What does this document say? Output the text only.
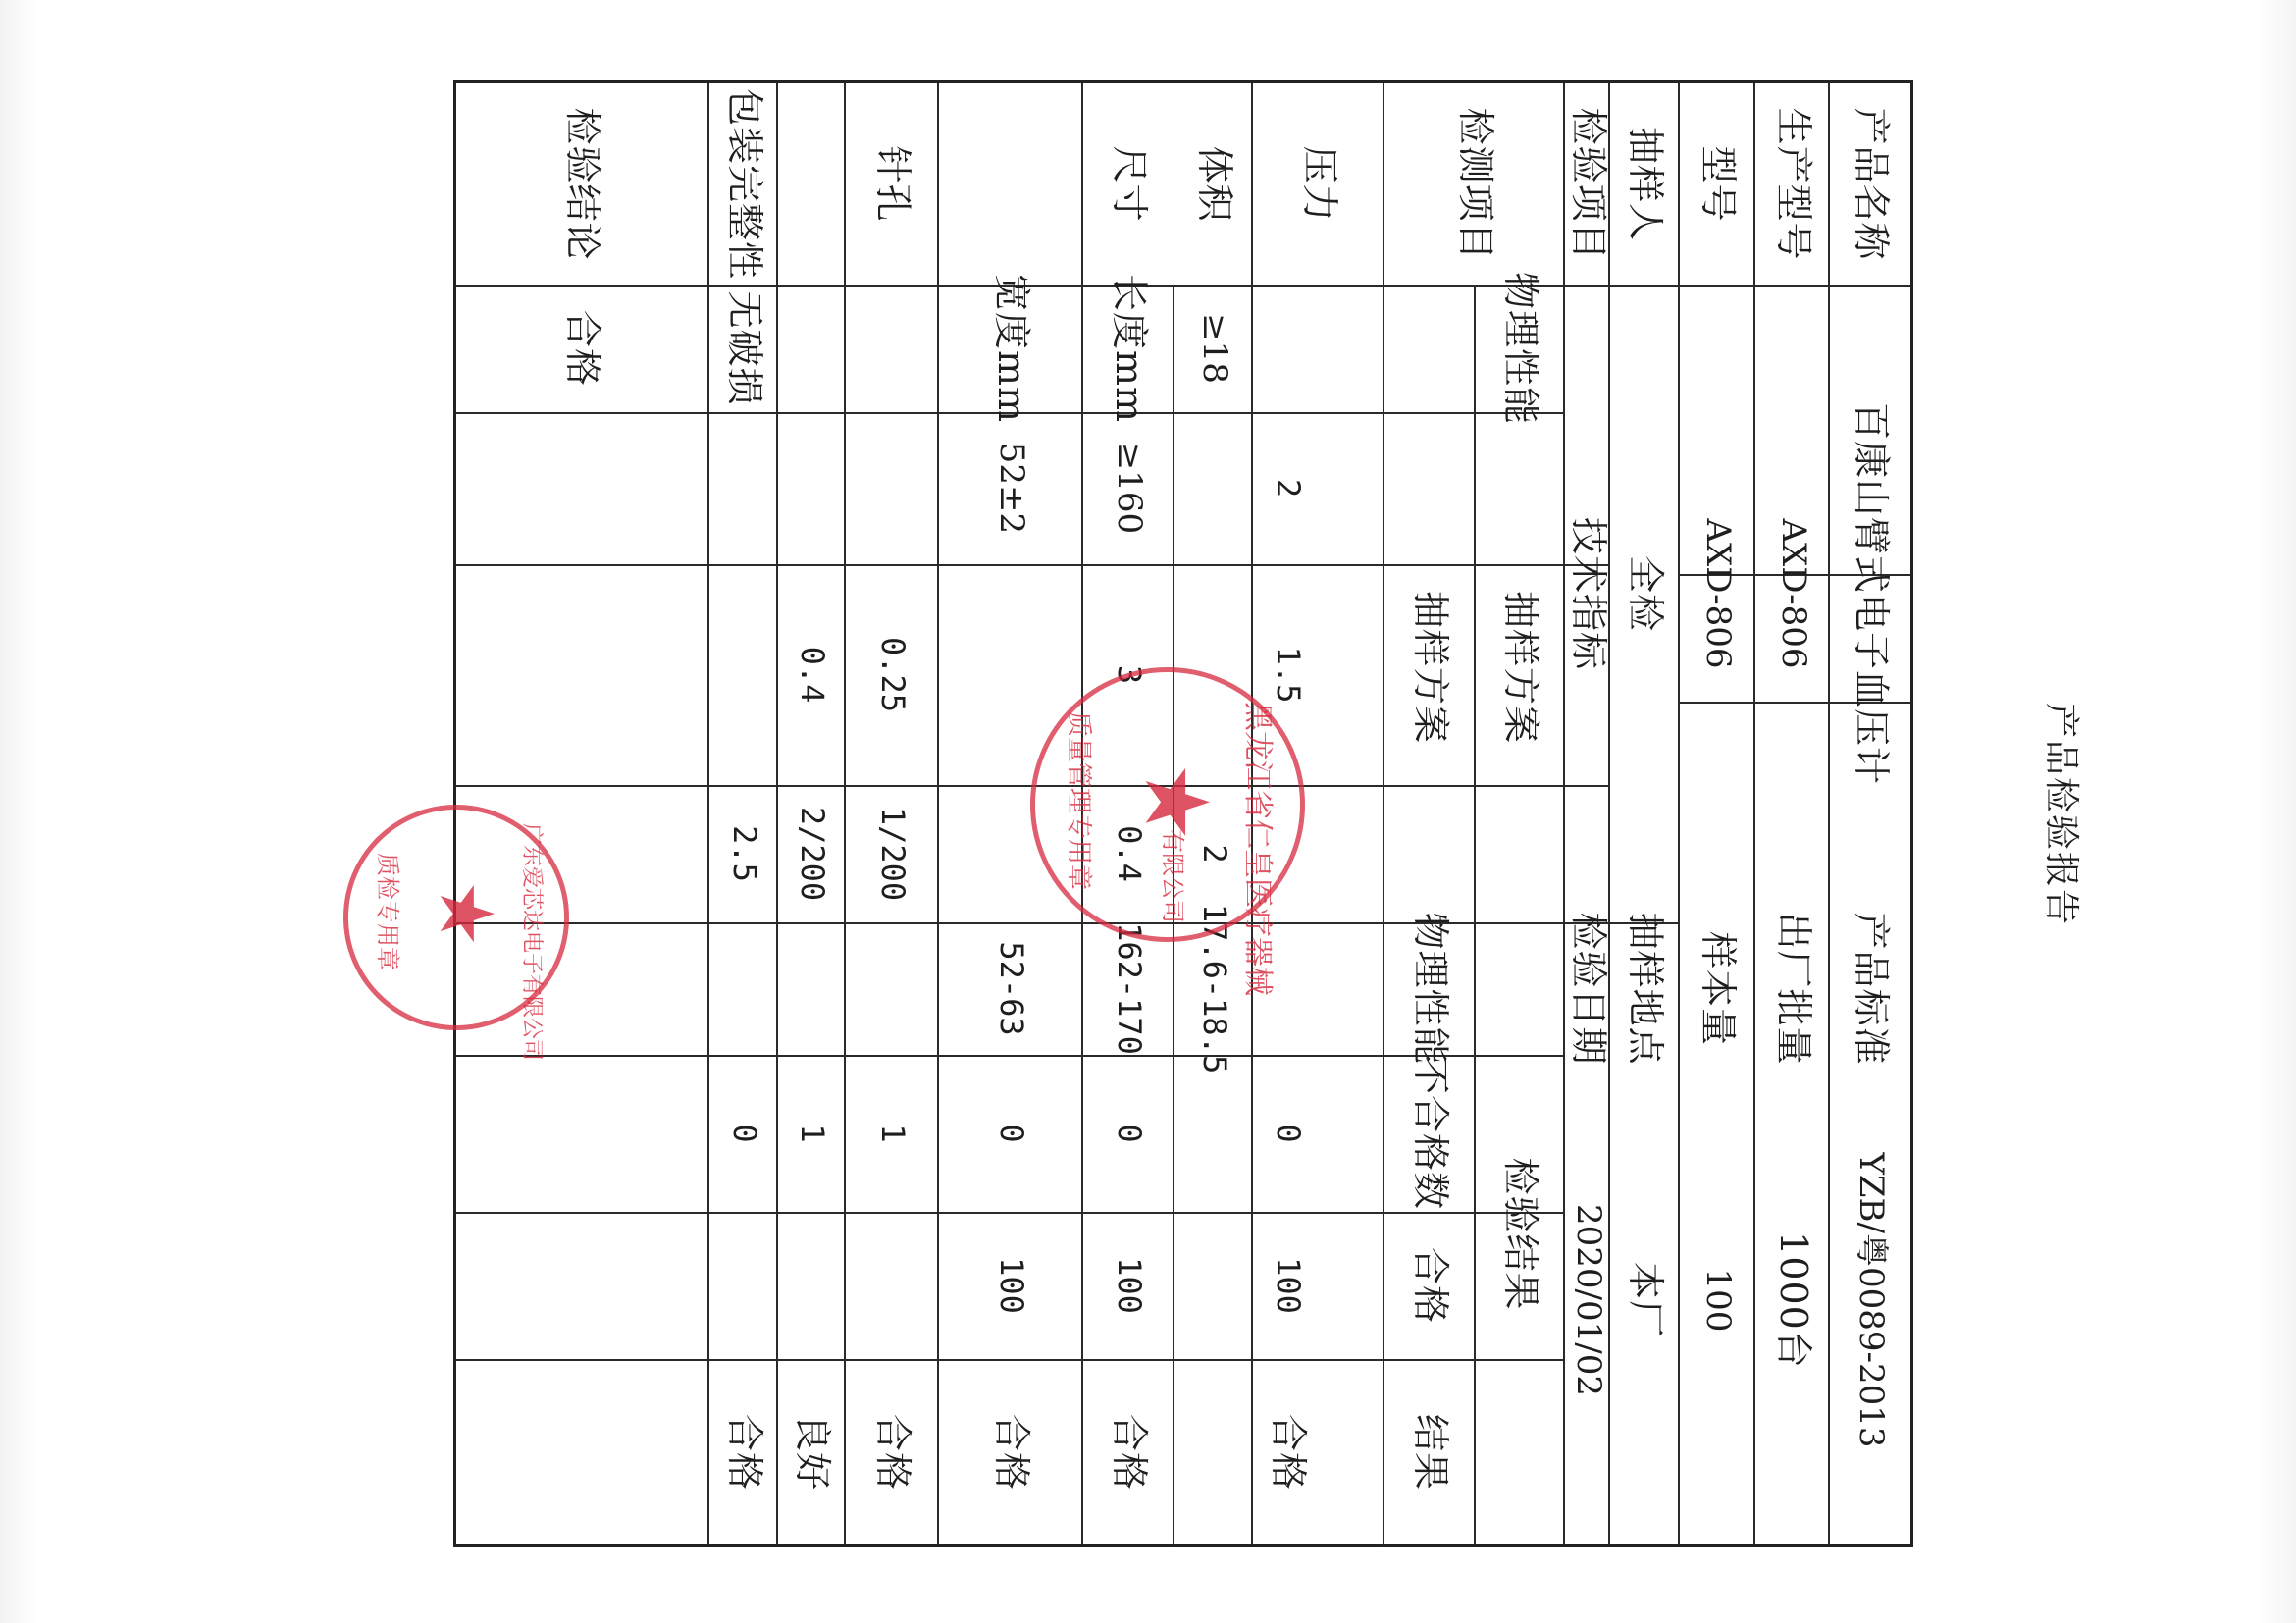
产品检验报告
产品名称
百康山臂式电子血压计
产品标准
YZB/粤0089-2013
生产型号
AXD-806
出厂批量
1000台
型号
AXD-806
样本量
100
抽样人
全检
抽样地点
本厂
检验项目
技术指标
检验日期
2020/01/02
检测项目
物理性能
抽样方案
抽样方案
检验结果
物理性能
不合格数
合格
结果
压力
2
1.5
0
100
合格
体积
≥18
2
17.6-18.5
尺寸
长度mm
≥160
3
0.4
162-170
0
100
合格
宽度mm
52±2
52-63
0
100
合格
针孔
0.25
1/200
1
合格
0.4
2/200
1
良好
包装完整性
无破损
2.5
0
合格
检验结论
合格
黑龙江省仁皇医疗器械
★
有限公司
质量管理专用章
广东爱芯达电子有限公司
★
质检专用章
